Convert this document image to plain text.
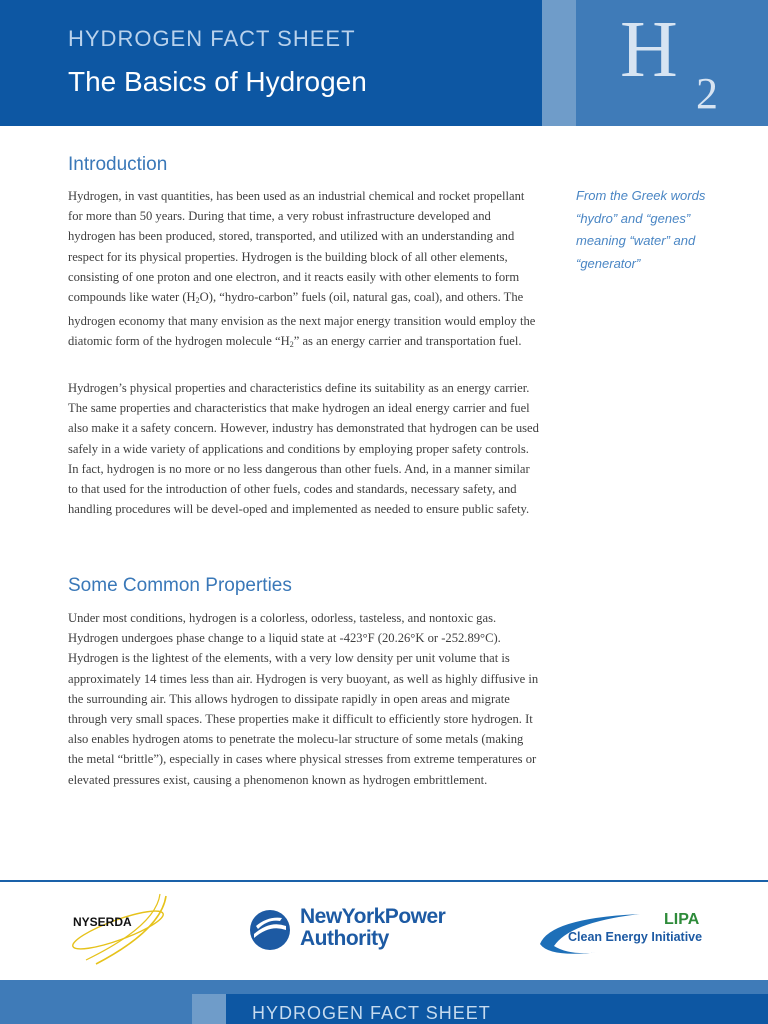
HYDROGEN FACT SHEET
The Basics of Hydrogen	H 2
Introduction

Hydrogen, in vast quantities, has been used as an industrial chemical and rocket propellant for more than 50 years. During that time, a very robust infrastructure developed and hydrogen has been produced, stored, transported, and utilized with an understanding and respect for its physical properties. Hydrogen is the building block of all other elements, consisting of one proton and one electron, and it reacts easily with other elements to form compounds like water $(H_2O)$, “hydro-carbon” fuels (oil, natural gas, coal), and others. The hydrogen economy that many envision as the next major energy transition would employ the diatomic form of the hydrogen molecule “$H_2$” as an energy carrier and transportation fuel.

Hydrogen’s physical properties and characteristics define its suitability as an energy carrier. The same properties and characteristics that make hydrogen an ideal energy carrier and fuel also make it a safety concern. However, industry has demonstrated that hydrogen can be used safely in a wide variety of applications and conditions by employing proper safety controls. In fact, hydrogen is no more or no less dangerous than other fuels. And, in a manner similar to that used for the introduction of other fuels, codes and standards, necessary safety, and handling procedures will be devel-oped and implemented as needed to ensure public safety.

From the Greek words “hydro” and “genes” meaning “water” and “generator”
Some Common Properties

Under most conditions, hydrogen is a colorless, odorless, tasteless, and nontoxic gas. Hydrogen undergoes phase change to a liquid state at -423°F (20.26°K or -252.89°C). Hydrogen is the lightest of the elements, with a very low density per unit volume that is approximately 14 times less than air. Hydrogen is very buoyant, as well as highly diffusive in the surrounding air. This allows hydrogen to dissipate rapidly in open areas and migrate through very small spaces. These properties make it difficult to efficiently store hydrogen. It also enables hydrogen atoms to penetrate the molecu-lar structure of some metals (making the metal “brittle”), especially in cases where physical stresses from extreme temperatures or elevated pressures exist, causing a phenomenon known as hydrogen embrittlement.

NYSERDA	NewYorkPower
Authority
LIPA
Clean Energy Initiative
HYDROGEN FACT SHEET
